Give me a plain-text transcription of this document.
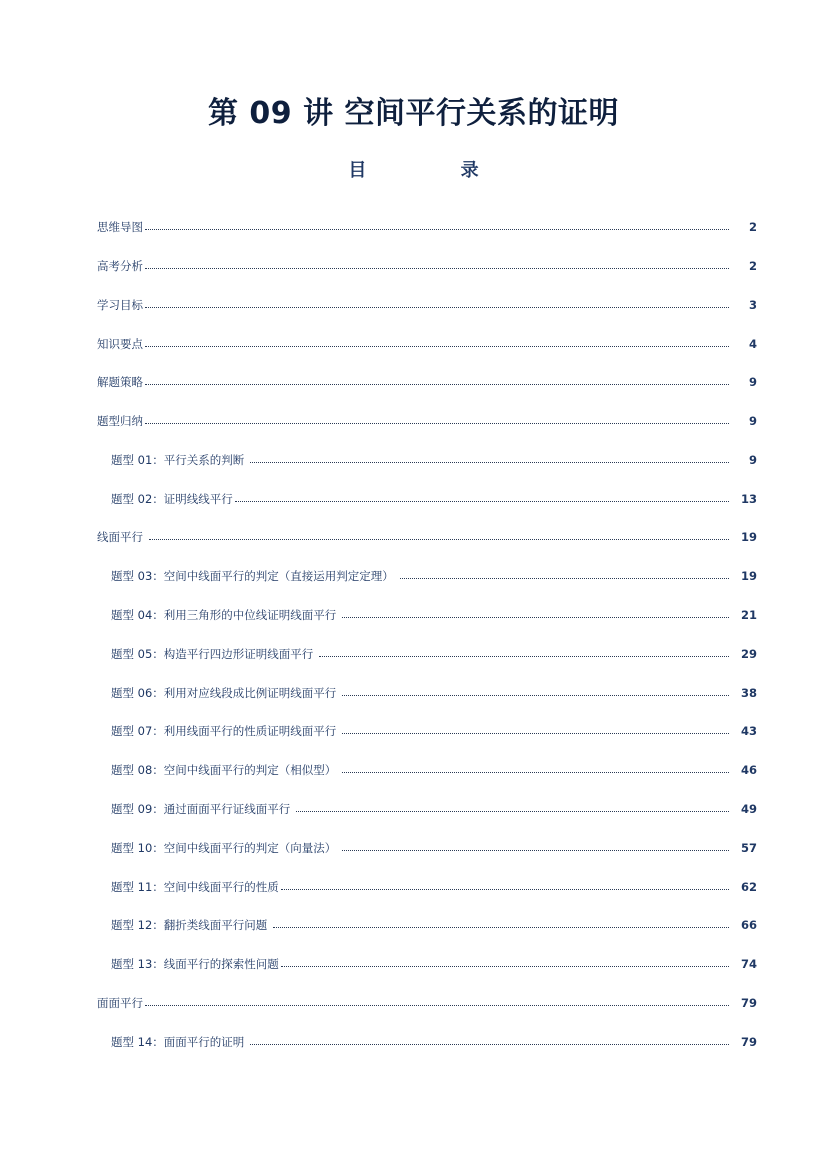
第 09 讲 空间平行关系的证明
目 录
思维导图	2
高考分析	2
学习目标	3
知识要点	4
解题策略	9
题型归纳	9
题型 01：平行关系的判断	9
题型 02：证明线线平行	13
线面平行	19
题型 03：空间中线面平行的判定（直接运用判定定理）	19
题型 04：利用三角形的中位线证明线面平行	21
题型 05：构造平行四边形证明线面平行	29
题型 06：利用对应线段成比例证明线面平行	38
题型 07：利用线面平行的性质证明线面平行	43
题型 08：空间中线面平行的判定（相似型）	46
题型 09：通过面面平行证线面平行	49
题型 10：空间中线面平行的判定（向量法）	57
题型 11：空间中线面平行的性质	62
题型 12：翻折类线面平行问题	66
题型 13：线面平行的探索性问题	74
面面平行	79
题型 14：面面平行的证明	79
